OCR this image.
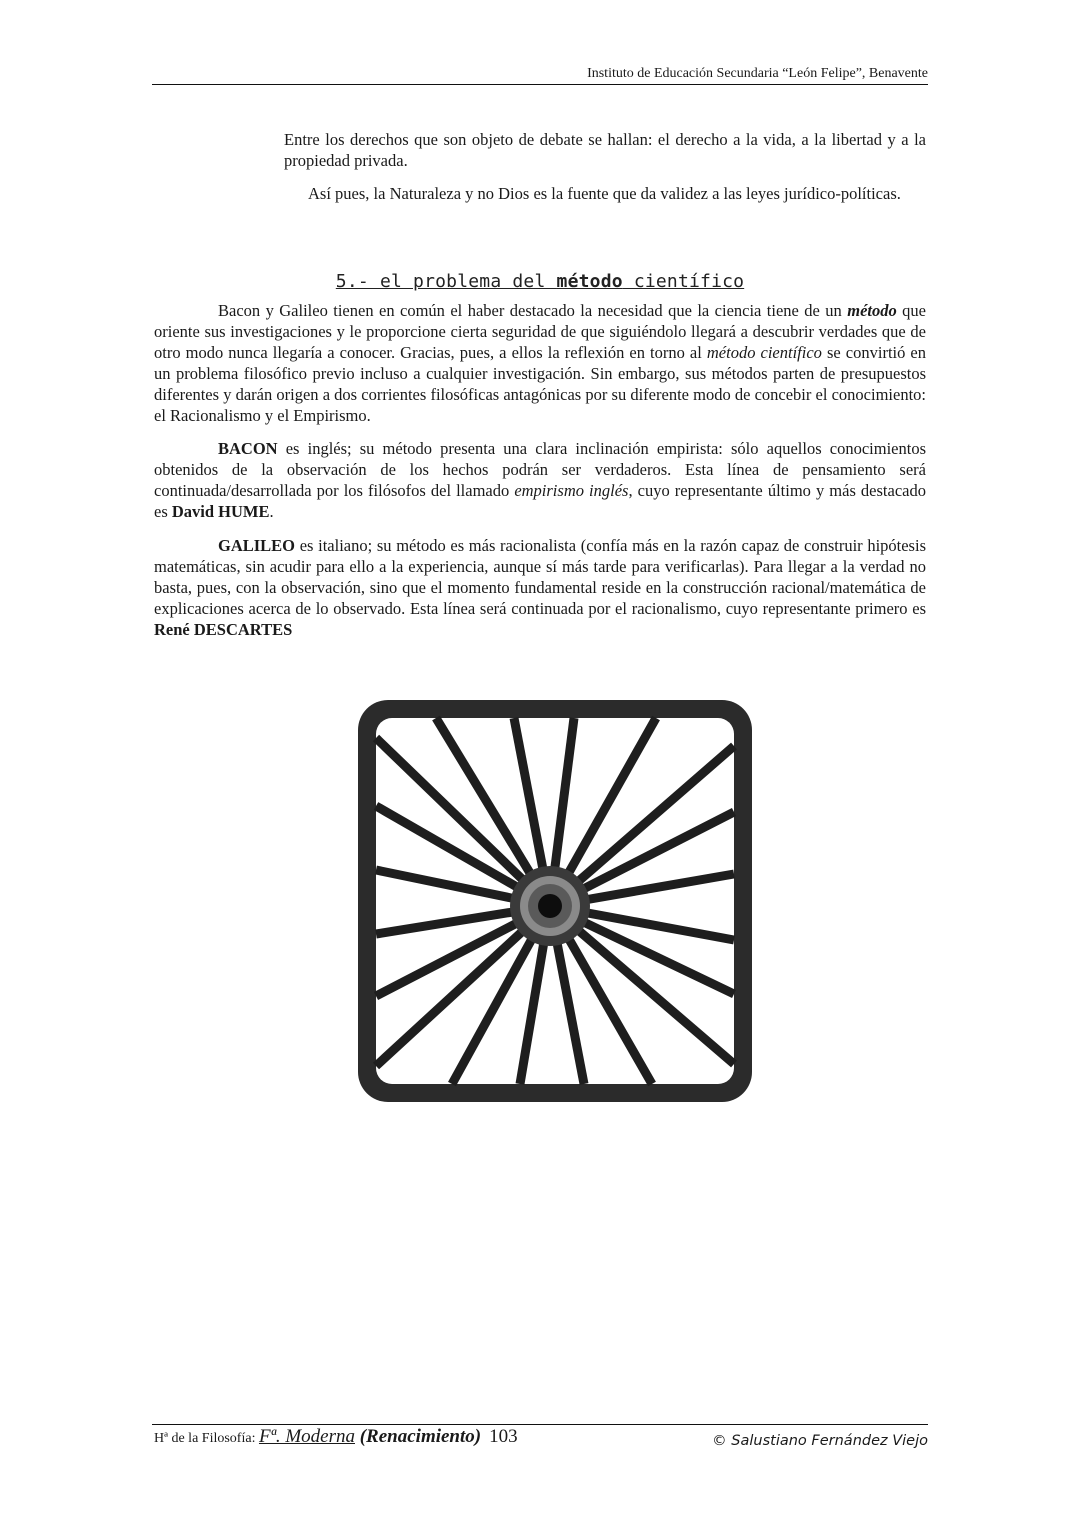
Instituto de Educación Secundaria “León Felipe”, Benavente

Entre los derechos que son objeto de debate se hallan: el derecho a la vida, a la libertad y a la propiedad privada.

Así pues, la Naturaleza y no Dios es la fuente que da validez a las leyes jurídico-políticas.

5.- el problema del método científico

Bacon y Galileo tienen en común el haber destacado la necesidad que la ciencia tiene de un método que oriente sus investigaciones y le proporcione cierta seguridad de que siguiéndolo llegará a descubrir verdades que de otro modo nunca llegaría a conocer. Gracias, pues, a ellos la reflexión en torno al método científico se convirtió en un problema filosófico previo incluso a cualquier investigación. Sin embargo, sus métodos parten de presupuestos diferentes y darán origen a dos corrientes filosóficas antagónicas por su diferente modo de concebir el conocimiento: el Racionalismo y el Empirismo.

BACON es inglés; su método presenta una clara inclinación empirista: sólo aquellos conocimientos obtenidos de la observación de los hechos podrán ser verdaderos. Esta línea de pensamiento será continuada/desarrollada por los filósofos del llamado empirismo inglés, cuyo representante último y más destacado es David HUME.

GALILEO es italiano; su método es más racionalista (confía más en la razón capaz de construir hipótesis matemáticas, sin acudir para ello a la experiencia, aunque sí más tarde para verificarlas). Para llegar a la verdad no basta, pues, con la observación, sino que el momento fundamental reside en la construcción racional/matemática de explicaciones acerca de lo observado. Esta línea será continuada por el racionalismo, cuyo representante primero es René DESCARTES

Hª de la Filosofía: Fª. Moderna (Renacimiento) 103	© Salustiano Fernández Viejo
